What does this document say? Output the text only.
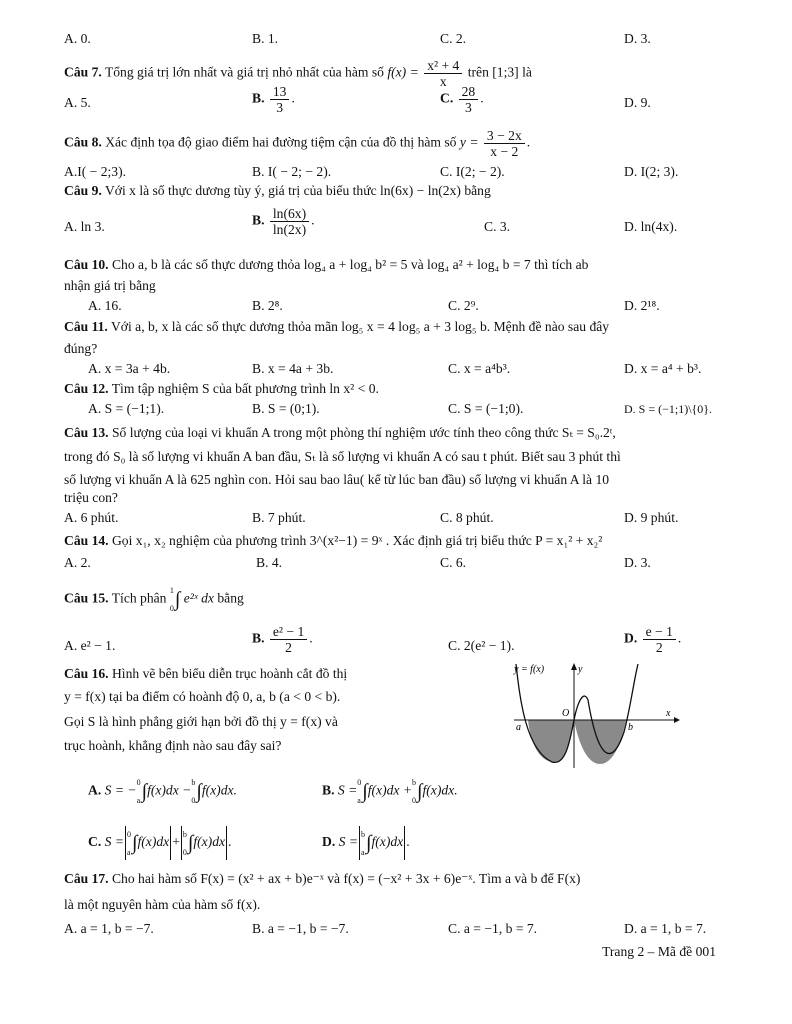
A. 0.	B. 1.	C. 2.	D. 3.
Câu 7. Tổng giá trị lớn nhất và giá trị nhỏ nhất của hàm số $f(x) = \frac{\text{x² + 4}}{x}$ trên [1;3] là
A. 5.	B. $\frac{13}{3}$ .	C. $\frac{28}{3}$ .	D. 9.
Câu 8. Xác định tọa độ giao điểm hai đường tiệm cận của đồ thị hàm số $y = \frac{3 - 2x}{x - 2}$ .
A.I( − 2;3).	B. I( − 2; − 2).	C. I(2; − 2).	D. I(2; 3).
Câu 9. Với x là số thực dương tùy ý, giá trị của biểu thức ln(6x) − ln(2x) bằng
A. ln 3.	B. $\frac{\ln(6x)}{\ln(2x)}$ .	C. 3.	D. ln(4x).
Câu 10. Cho a, b là các số thực dương thỏa log₄ a + log₄ b² = 5 và log₄ a² + log₄ b = 7 thì tích ab
nhận giá trị bằng
A. 16.	B. 2⁸.	C. 2⁹.	D. 2¹⁸.
Câu 11. Với a, b, x là các số thực dương thỏa mãn log₅ x = 4 log₅ a + 3 log₅ b. Mệnh đề nào sau đây
đúng?
A. x = 3a + 4b.	B. x = 4a + 3b.	C. x = a⁴b³.	D. x = a⁴ + b³.
Câu 12. Tìm tập nghiệm S của bất phương trình ln x² < 0.
A. S = (−1;1).	B. S = (0;1).	C. S = (−1;0).	D. S = (−1;1)\{0}.
Câu 13. Số lượng của loại vi khuẩn A trong một phòng thí nghiệm ước tính theo công thức Sₜ = S₀.2ᵗ,
trong đó S₀ là số lượng vi khuẩn A ban đầu, Sₜ là số lượng vi khuẩn A có sau t phút. Biết sau 3 phút thì
số lượng vi khuẩn A là 625 nghìn con. Hỏi sau bao lâu( kể từ lúc ban đầu) số lượng vi khuẩn A là 10
triệu con?
A. 6 phút.	B. 7 phút.	C. 8 phút.	D. 9 phút.
Câu 14. Gọi x₁, x₂ nghiệm của phương trình 3^(x²−1) = 9ˣ . Xác định giá trị biểu thức P = x₁² + x₂²
A. 2.	B. 4.	C. 6.	D. 3.
Câu 15. Tích phân 1

0∫ e²ˣ dx bằng
A. e² − 1.	B. $\frac{\text{e² − 1}}{2}$ .	C. 2(e² − 1).	D. $\frac{e - 1}{2}$ .
Câu 16. Hình vẽ bên biểu diễn trục hoành cắt đồ thị
y = f(x) tại ba điểm có hoành độ 0, a, b (a < 0 < b).
Gọi S là hình phẳng giới hạn bởi đồ thị y = f(x) và
trục hoành, khẳng định nào sau đây sai?
y = f(x)	y
x
O
a	b
A. S = −0

a∫f(x)dx −b

0∫f(x)dx.	B. S =0

a∫f(x)dx +b

0∫f(x)dx.
C. S =0

a∫f(x)dx +b

0∫f(x)dx .	D. S =b

a∫f(x)dx .
Câu 17. Cho hai hàm số F(x) = (x² + ax + b)e⁻ˣ và f(x) = (−x² + 3x + 6)e⁻ˣ. Tìm a và b để F(x)
là một nguyên hàm của hàm số f(x).
A. a = 1, b = −7.	B. a = −1, b = −7.	C. a = −1, b = 7.	D. a = 1, b = 7.
Trang 2 – Mã đề 001
